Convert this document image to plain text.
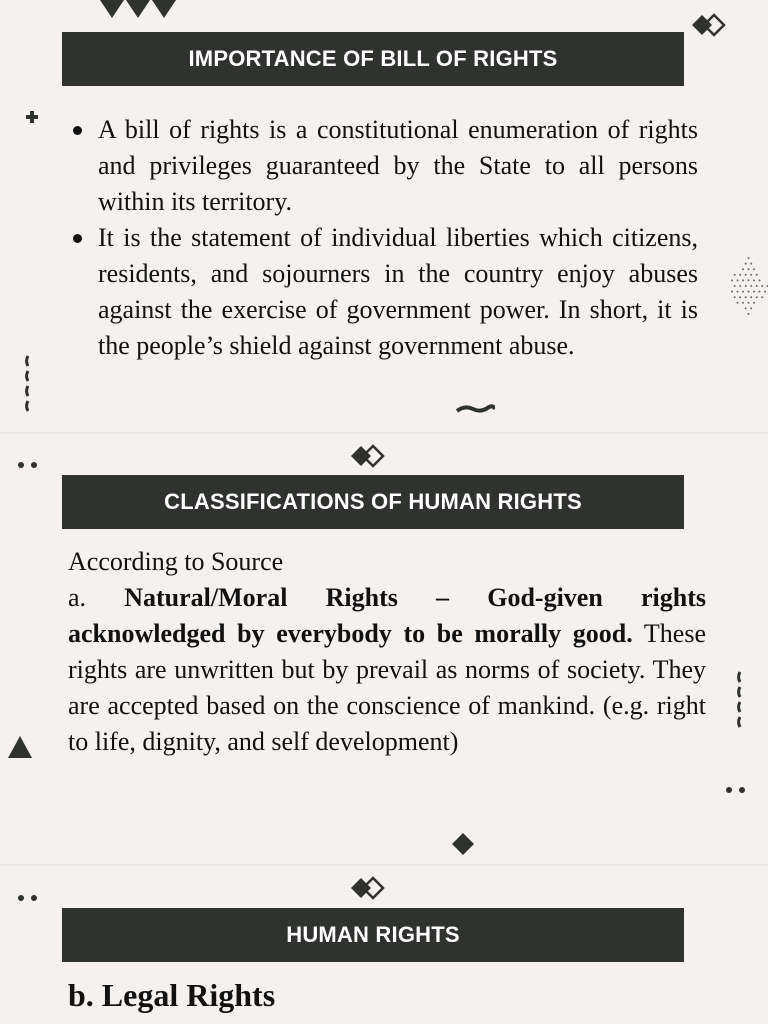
IMPORTANCE OF BILL OF RIGHTS
A bill of rights is a constitutional enumeration of rights and privileges guaranteed by the State to all persons within its territory.
It is the statement of individual liberties which citizens, residents, and sojourners in the country enjoy abuses against the exercise of government power. In short, it is the people’s shield against government abuse.
CLASSIFICATIONS OF HUMAN RIGHTS

According to Source

a. Natural/Moral Rights – God-given rights acknowledged by everybody to be morally good. These rights are unwritten but by prevail as norms of society. They are accepted based on the conscience of mankind. (e.g. right to life, dignity, and self development)

HUMAN RIGHTS
b. Legal Rights
